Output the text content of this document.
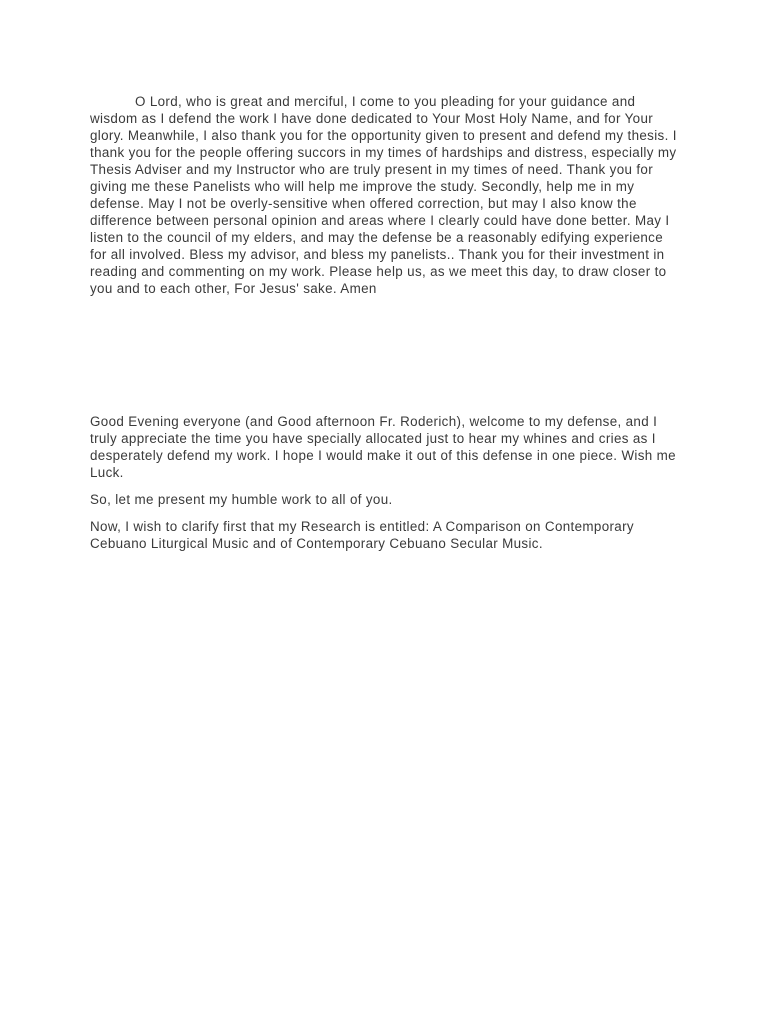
O Lord, who is great and merciful, I come to you pleading for your guidance and wisdom as I defend the work I have done dedicated to Your Most Holy Name, and for Your glory. Meanwhile, I also thank you for the opportunity given to present and defend my thesis. I thank you for the people offering succors in my times of hardships and distress, especially my Thesis Adviser and my Instructor who are truly present in my times of need. Thank you for giving me these Panelists who will help me improve the study. Secondly, help me in my defense. May I not be overly-sensitive when offered correction, but may I also know the difference between personal opinion and areas where I clearly could have done better. May I listen to the council of my elders, and may the defense be a reasonably edifying experience for all involved. Bless my advisor, and bless my panelists.. Thank you for their investment in reading and commenting on my work. Please help us, as we meet this day, to draw closer to you and to each other, For Jesus' sake. Amen

Good Evening everyone (and Good afternoon Fr. Roderich), welcome to my defense, and I truly appreciate the time you have specially allocated just to hear my whines and cries as I desperately defend my work. I hope I would make it out of this defense in one piece. Wish me Luck.

So, let me present my humble work to all of you.

Now, I wish to clarify first that my Research is entitled: A Comparison on Contemporary Cebuano Liturgical Music and of Contemporary Cebuano Secular Music.
